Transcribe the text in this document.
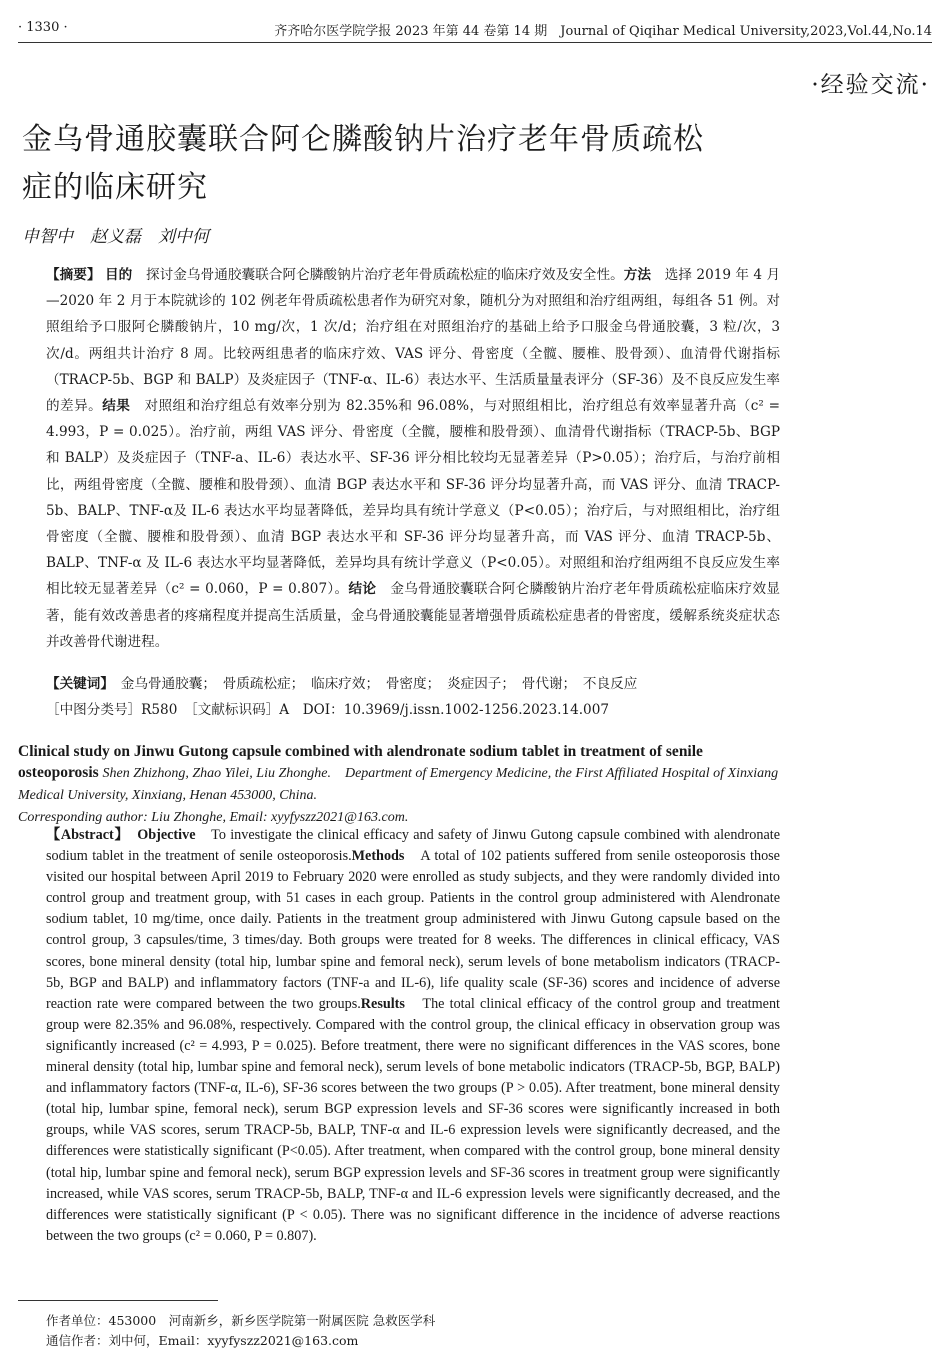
· 1330 ·	齐齐哈尔医学院学报 2023 年第 44 卷第 14 期　Journal of Qiqihar Medical University,2023,Vol.44,No.14
·经验交流·
金乌骨通胶囊联合阿仑膦酸钠片治疗老年骨质疏松症的临床研究
申智中　赵义磊　刘中何
【摘要】 目的　 探讨金乌骨通胶囊联合阿仑膦酸钠片治疗老年骨质疏松症的临床疗效及安全性。方法　 选择 2019 年 4 月—2020 年 2 月于本院就诊的 102 例老年骨质疏松患者作为研究对象，随机分为对照组和治疗组两组，每组各 51 例。对照组给予口服阿仑膦酸钠片，10 mg/次，1 次/d；治疗组在对照组治疗的基础上给予口服金乌骨通胶囊，3 粒/次，3 次/d。两组共计治疗 8 周。比较两组患者的临床疗效、VAS 评分、骨密度（全髋、腰椎、股骨颈）、血清骨代谢指标（TRACP-5b、BGP 和 BALP）及炎症因子（TNF-α、IL-6）表达水平、生活质量量表评分（SF-36）及不良反应发生率的差异。结果　 对照组和治疗组总有效率分别为 82.35%和 96.08%，与对照组相比，治疗组总有效率显著升高（c² = 4.993，P = 0.025）。治疗前，两组 VAS 评分、骨密度（全髋，腰椎和股骨颈）、血清骨代谢指标（TRACP-5b、BGP 和 BALP）及炎症因子（TNF-a、IL-6）表达水平、SF-36 评分相比较均无显著差异（P>0.05）；治疗后，与治疗前相比，两组骨密度（全髋、腰椎和股骨颈）、血清 BGP 表达水平和 SF-36 评分均显著升高，而 VAS 评分、血清 TRACP-5b、BALP、TNF-α及 IL-6 表达水平均显著降低，差异均具有统计学意义（P<0.05）；治疗后，与对照组相比，治疗组骨密度（全髋、腰椎和股骨颈）、血清 BGP 表达水平和 SF-36 评分均显著升高，而 VAS 评分、血清 TRACP-5b、BALP、TNF-α 及 IL-6 表达水平均显著降低，差异均具有统计学意义（P<0.05）。对照组和治疗组两组不良反应发生率相比较无显著差异（c² = 0.060，P = 0.807）。结论　 金乌骨通胶囊联合阿仑膦酸钠片治疗老年骨质疏松症临床疗效显著，能有效改善患者的疼痛程度并提高生活质量，金乌骨通胶囊能显著增强骨质疏松症患者的骨密度，缓解系统炎症状态并改善骨代谢进程。
【关键词】　 金乌骨通胶囊；　骨质疏松症；　临床疗效；　骨密度；　炎症因子；　骨代谢；　不良反应
［中图分类号］R580　［文献标识码］A　DOI：10.3969/j.issn.1002-1256.2023.14.007
Clinical study on Jinwu Gutong capsule combined with alendronate sodium tablet in treatment of senile osteoporosis Shen Zhizhong, Zhao Yilei, Liu Zhonghe.　Department of Emergency Medicine, the First Affiliated Hospital of Xinxiang Medical University, Xinxiang, Henan 453000, China.
Corresponding author: Liu Zhonghe, Email: xyyfyszz2021@163.com.
【Abstract】　 Objective　 To investigate the clinical efficacy and safety of Jinwu Gutong capsule combined with alendronate sodium tablet in the treatment of senile osteoporosis.Methods　 A total of 102 patients suffered from senile osteoporosis those visited our hospital between April 2019 to February 2020 were enrolled as study subjects, and they were randomly divided into control group and treatment group, with 51 cases in each group. Patients in the control group administered with Alendronate sodium tablet, 10 mg/time, once daily. Patients in the treatment group administered with Jinwu Gutong capsule based on the control group, 3 capsules/time, 3 times/day. Both groups were treated for 8 weeks. The differences in clinical efficacy, VAS scores, bone mineral density (total hip, lumbar spine and femoral neck), serum levels of bone metabolism indicators (TRACP-5b, BGP and BALP) and inflammatory factors (TNF-a and IL-6), life quality scale (SF-36) scores and incidence of adverse reaction rate were compared between the two groups.Results　 The total clinical efficacy of the control group and treatment group were 82.35% and 96.08%, respectively. Compared with the control group, the clinical efficacy in observation group was significantly increased (c² = 4.993, P = 0.025). Before treatment, there were no significant differences in the VAS scores, bone mineral density (total hip, lumbar spine and femoral neck), serum levels of bone metabolic indicators (TRACP-5b, BGP, BALP) and inflammatory factors (TNF-α, IL-6), SF-36 scores between the two groups (P > 0.05). After treatment, bone mineral density (total hip, lumbar spine, femoral neck), serum BGP expression levels and SF-36 scores were significantly increased in both groups, while VAS scores, serum TRACP-5b, BALP, TNF-α and IL-6 expression levels were significantly decreased, and the differences were statistically significant (P<0.05). After treatment, when compared with the control group, bone mineral density (total hip, lumbar spine and femoral neck), serum BGP expression levels and SF-36 scores in treatment group were significantly increased, while VAS scores, serum TRACP-5b, BALP, TNF-α and IL-6 expression levels were significantly decreased, and the differences were statistically significant (P < 0.05). There was no significant difference in the incidence of adverse reactions between the two groups (c² = 0.060, P = 0.807).
作者单位：453000　河南新乡，新乡医学院第一附属医院 急救医学科
通信作者：刘中何，Email：xyyfyszz2021@163.com
